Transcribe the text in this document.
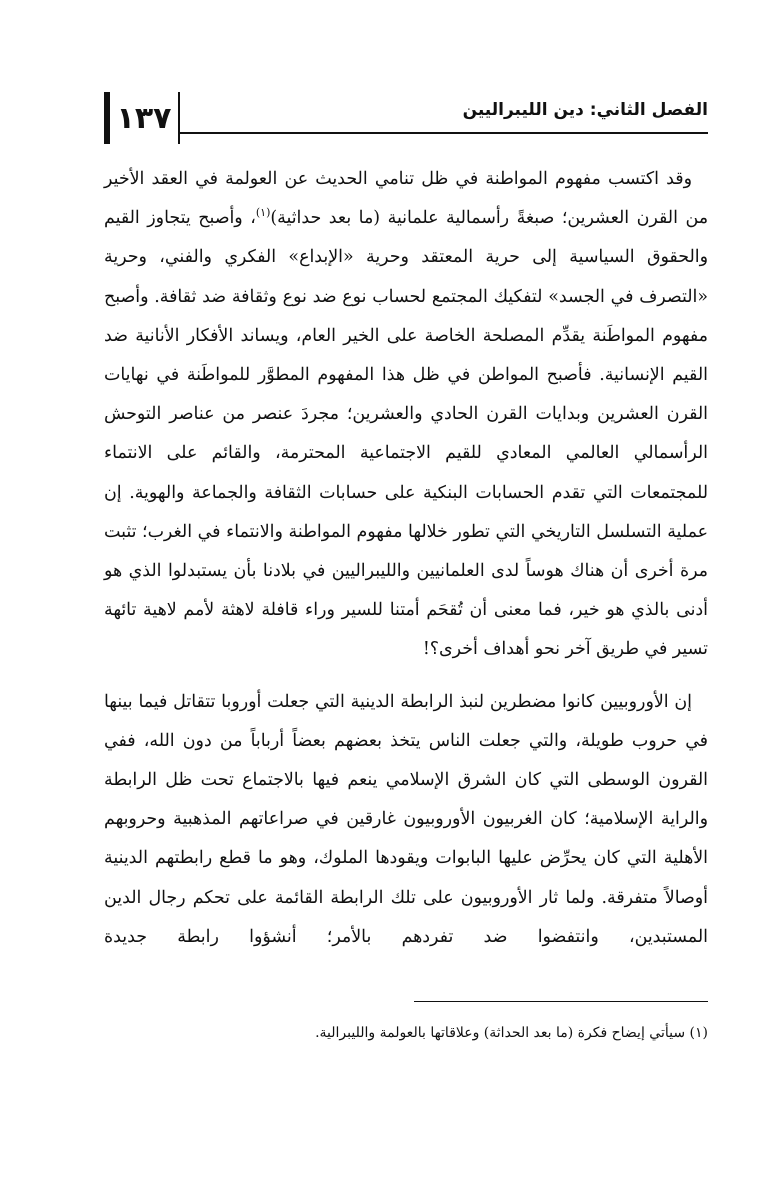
١٣٧	الفصل الثاني: دين الليبراليين

وقد اكتسب مفهوم المواطنة في ظل تنامي الحديث عن العولمة في العقد الأخير من القرن العشرين؛ صبغةً رأسمالية علمانية (ما بعد حداثية)$^{(١)}$، وأصبح يتجاوز القيم والحقوق السياسية إلى حرية المعتقد وحرية «الإبداع» الفكري والفني، وحرية «التصرف في الجسد» لتفكيك المجتمع لحساب نوع ضد نوع وثقافة ضد ثقافة. وأصبح مفهوم المواطَنة يقدِّم المصلحة الخاصة على الخير العام، ويساند الأفكار الأنانية ضد القيم الإنسانية. فأصبح المواطن في ظل هذا المفهوم المطوَّر للمواطَنة في نهايات القرن العشرين وبدايات القرن الحادي والعشرين؛ مجردَ عنصر من عناصر التوحش الرأسمالي العالمي المعادي للقيم الاجتماعية المحترمة، والقائم على الانتماء للمجتمعات التي تقدم الحسابات البنكية على حسابات الثقافة والجماعة والهوية. إن عملية التسلسل التاريخي التي تطور خلالها مفهوم المواطنة والانتماء في الغرب؛ تثبت مرة أخرى أن هناك هوساً لدى العلمانيين والليبراليين في بلادنا بأن يستبدلوا الذي هو أدنى بالذي هو خير، فما معنى أن تُقحَم أمتنا للسير وراء قافلة لاهثة لأمم لاهية تائهة تسير في طريق آخر نحو أهداف أخرى؟!

إن الأوروبيين كانوا مضطرين لنبذ الرابطة الدينية التي جعلت أوروبا تتقاتل فيما بينها في حروب طويلة، والتي جعلت الناس يتخذ بعضهم بعضاً أرباباً من دون الله، ففي القرون الوسطى التي كان الشرق الإسلامي ينعم فيها بالاجتماع تحت ظل الرابطة والراية الإسلامية؛ كان الغربيون الأوروبيون غارقين في صراعاتهم المذهبية وحروبهم الأهلية التي كان يحرِّض عليها البابوات ويقودها الملوك، وهو ما قطع رابطتهم الدينية أوصالاً متفرقة. ولما ثار الأوروبيون على تلك الرابطة القائمة على تحكم رجال الدين المستبدين، وانتفضوا ضد تفردهم بالأمر؛ أنشؤوا رابطة جديدة

(١) سيأتي إيضاح فكرة (ما بعد الحداثة) وعلاقاتها بالعولمة والليبرالية.
